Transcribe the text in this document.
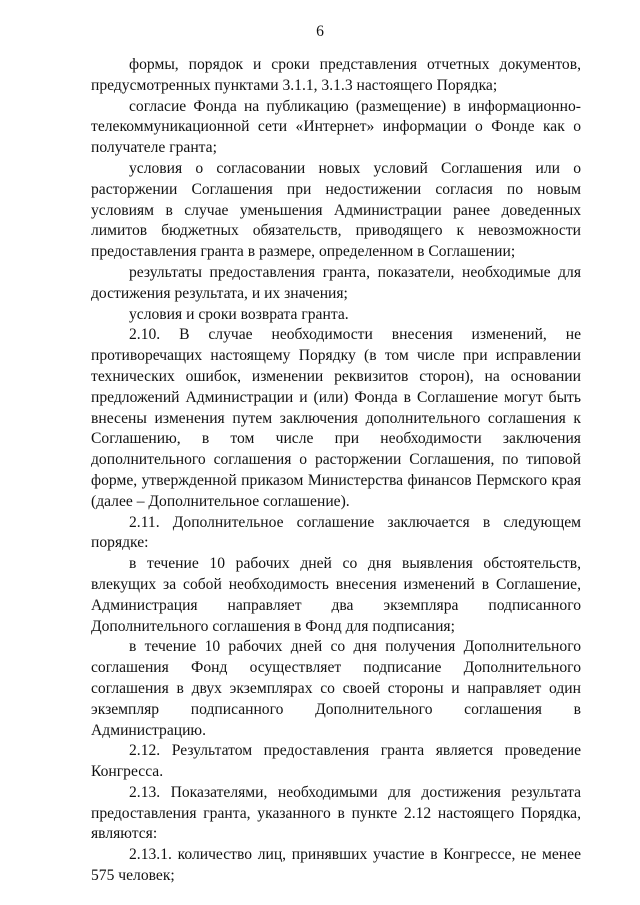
6

формы, порядок и сроки представления отчетных документов, предусмотренных пунктами 3.1.1, 3.1.3 настоящего Порядка;

согласие Фонда на публикацию (размещение) в информационно-телекоммуникационной сети «Интернет» информации о Фонде как о получателе гранта;

условия о согласовании новых условий Соглашения или о расторжении Соглашения при недостижении согласия по новым условиям в случае уменьшения Администрации ранее доведенных лимитов бюджетных обязательств, приводящего к невозможности предоставления гранта в размере, определенном в Соглашении;

результаты предоставления гранта, показатели, необходимые для достижения результата, и их значения;

условия и сроки возврата гранта.

2.10. В случае необходимости внесения изменений, не противоречащих настоящему Порядку (в том числе при исправлении технических ошибок, изменении реквизитов сторон), на основании предложений Администрации и (или) Фонда в Соглашение могут быть внесены изменения путем заключения дополнительного соглашения к Соглашению, в том числе при необходимости заключения дополнительного соглашения о расторжении Соглашения, по типовой форме, утвержденной приказом Министерства финансов Пермского края (далее – Дополнительное соглашение).

2.11. Дополнительное соглашение заключается в следующем порядке:

в течение 10 рабочих дней со дня выявления обстоятельств, влекущих за собой необходимость внесения изменений в Соглашение, Администрация направляет два экземпляра подписанного Дополнительного соглашения в Фонд для подписания;

в течение 10 рабочих дней со дня получения Дополнительного соглашения Фонд осуществляет подписание Дополнительного соглашения в двух экземплярах со своей стороны и направляет один экземпляр подписанного Дополнительного соглашения в Администрацию.

2.12. Результатом предоставления гранта является проведение Конгресса.

2.13. Показателями, необходимыми для достижения результата предоставления гранта, указанного в пункте 2.12 настоящего Порядка, являются:

2.13.1. количество лиц, принявших участие в Конгрессе, не менее 575 человек;
